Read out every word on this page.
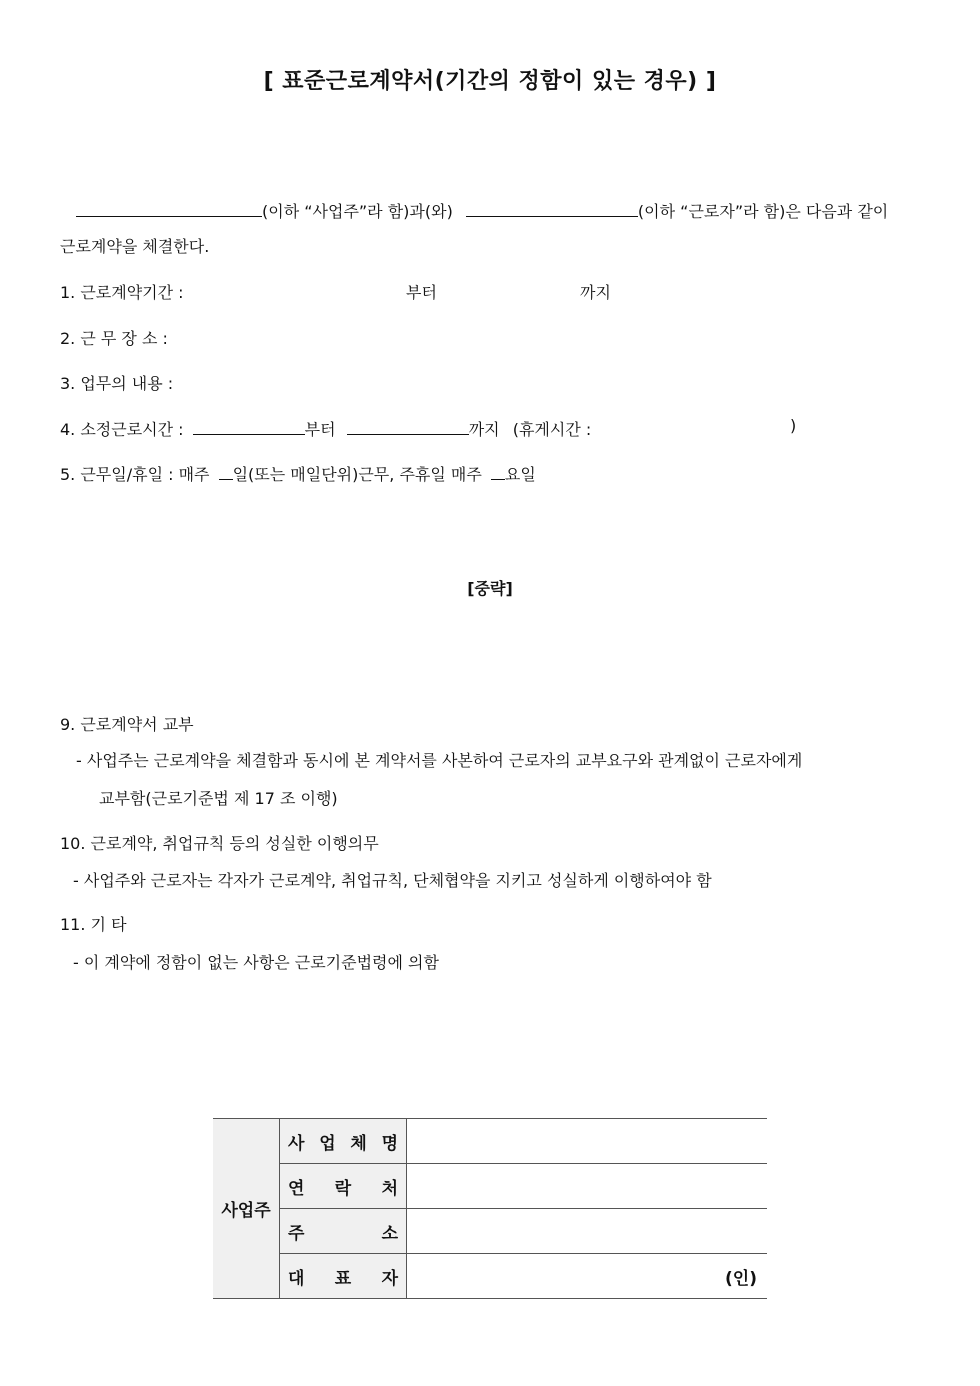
[ 표준근로계약서(기간의 정함이 있는 경우) ]
(이하 “사업주”라 함)과(와)	(이하 “근로자”라 함)은 다음과 같이
근로계약을 체결한다.
1. 근로계약기간 :	부터	까지
2. 근 무 장 소 :
3. 업무의 내용 :
4. 소정근로시간 :	부터	까지 (휴게시간 :	)
5. 근무일/휴일 : 매주 일(또는 매일단위)근무, 주휴일 매주 요일
[중략]
9. 근로계약서 교부
- 사업주는 근로계약을 체결함과 동시에 본 계약서를 사본하여 근로자의 교부요구와 관계없이 근로자에게
교부함(근로기준법 제 17 조 이행)
10. 근로계약, 취업규칙 등의 성실한 이행의무
- 사업주와 근로자는 각자가 근로계약, 취업규칙, 단체협약을 지키고 성실하게 이행하여야 함
11. 기 타
- 이 계약에 정함이 없는 사항은 근로기준법령에 의함
사업주	사 업 체 명	

	연 락 처	

	주 소	

	대 표 자	(인)
